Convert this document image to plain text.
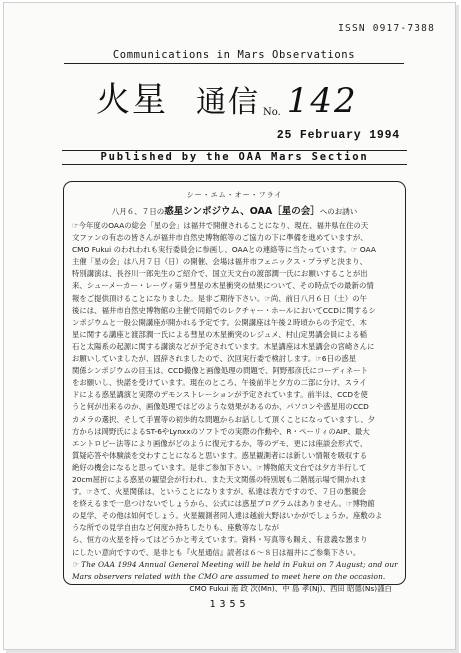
ISSN 0917-7388
Communications in Mars Observations
火星 通信 No. 142
25 February 1994
Published by the OAA Mars Section
シー・エム・オー・フライ
八月６、７日の惑星シンポジウム、OAA［星の会］へのお誘い
☞今年度のOAAの総会「星の会」は福井で開催されることになり、現在、福井県在住の天
文ファンの有志の皆さんが福井市自然史博物館等のご協力の下に準備を進めていますが、
CMO Fukui のわれわれも実行委員会に参画し、OAAとの連絡等に当たっています。☞ OAA
主催「星の会」は八月７日（日）の開催、会場は福井市フェニックス・プラザと決まり、
特別講演は、長谷川一郎先生のご紹介で、国立天文台の渡部潤一氏にお願いすることが出
来、シューメーカー・レーヴィ第９彗星の木星衝突の結果について、その時点での最新の情
報をご提供頂けることになりました。是非ご期待下さい。☞尚、前日八月６日（土）の午
後には、福井市自然史博物館の主催で同館でのレクチャー・ホールにおいてCCDに関するシ
ンポジウムと一般公開講座が開かれる予定です。公開講座は午後２時頃からの予定で、木
星に関する講座と渡部潤一氏による彗星の木星衝突のレジュメ、村山定男講会員による稲
石と太陽系の起源に関する講演などが予定されています。木星講座は木星講会の宮崎さんに
お願いしていましたが、固辞されましたので、次回実行委で検討します。☞6日の惑星
関係シンポジウムの目玉は、CCD撮像と画像処理の問題で、阿野那彦氏にコーディネート
をお願いし、快諾を受けています。現在のところ、午後前半と夕方の二部に分け、スライ
ドによる惑星講演と実際のデモンストレーションが予定されています。前半は、CCDを使
うと何が出来るのか、画像処理ではどのような効果があるのか、パソコンや惑星用のCCD
カメラの選択、そして手置等の初歩的な問題からお話しして頂くことになっていますし、夕
方からは岡野氏によるST-6やLynxxのソフトでの実際の作動や、R・ペーリィのAIP、最大
エントロピー法等により画像がどのように復元するか、等のデモ、更には座談会形式で、
質疑応答や体験談を交わすことになると思います。惑星観測者には新しい情報を吸収する
絶好の機会になると思っています。是非ご参加下さい。☞博物館天文台では夕方半行して
20cm屈折による惑星の観望会が行われ、また天文関係の特別展も二階展示場で開かれま
す。☞さて、火星関係は、ということになりますが、私達は表方ですので、７日の懇親会
を終えるまで一息つけないでしょうから、公式には惑星プログラムはありません。☞博物館
の見学、その他は如何でしょう。火星観測者同人達は越前大野はいかがでしょうか。座敷のよ
うな所での見学自由など何度か持ちしたりも、座敷等なしなが
ら、恒方の火星を持ってはどうかと考えています。資料・写真等も賜え、有意義な懇まり
にしたい意向ですので、是非とも『火星通信』読者は６〜８日は福井にご参集下さい。
☞ The OAA 1994 Annual General Meeting will be held in Fukui on 7 August; and our
Mars observers related with the CMO are assumed to meet here on the occasion.
CMO Fukui 南 政 次(Mn)、中 島 孝(Nj)、西田 昭德(Ns)謹白
1355
